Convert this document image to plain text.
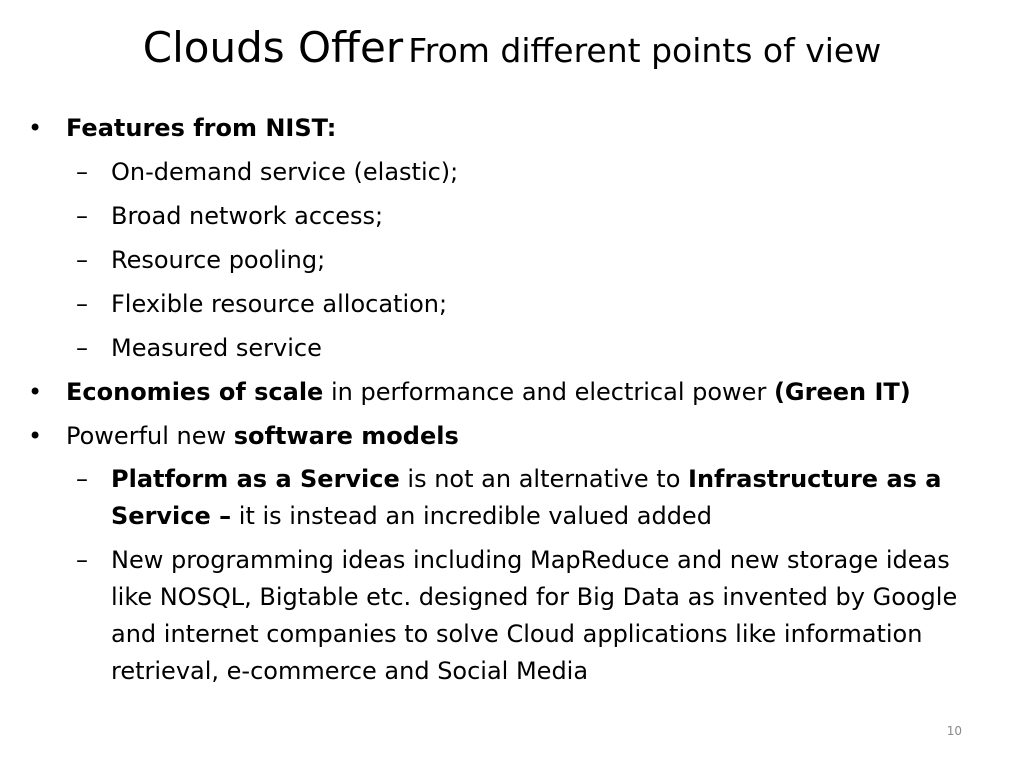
Clouds Offer From different points of view
• Features from NIST:
– On-demand service (elastic);
– Broad network access;
– Resource pooling;
– Flexible resource allocation;
– Measured service
• Economies of scale in performance and electrical power (Green IT)
• Powerful new software models
– Platform as a Service is not an alternative to Infrastructure as a Service – it is instead an incredible valued added
– New programming ideas including MapReduce and new storage ideas like NOSQL, Bigtable etc. designed for Big Data as invented by Google and internet companies to solve Cloud applications like information retrieval, e-commerce and Social Media
10
